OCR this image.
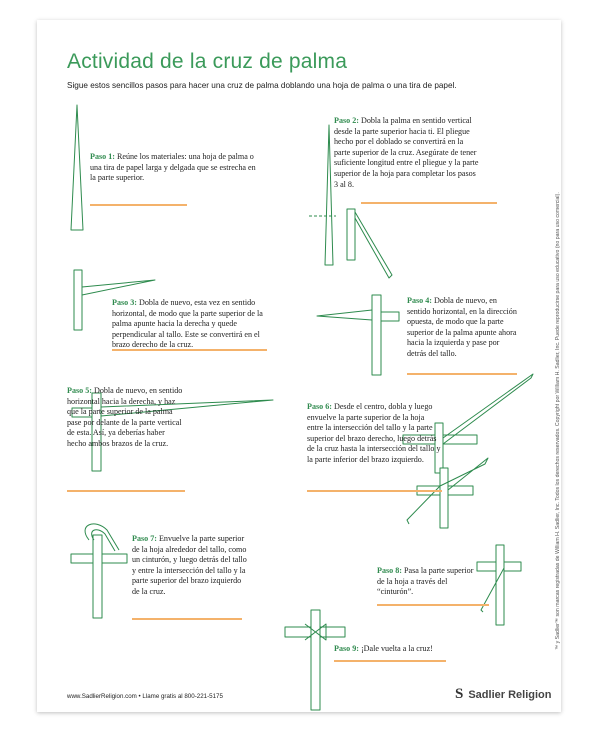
Actividad de la cruz de palma
Sigue estos sencillos pasos para hacer una cruz de palma doblando una hoja de palma o una tira de papel.
Paso 1: Reúne los materiales: una hoja de palma o una tira de papel larga y delgada que se estrecha en la parte superior.
Paso 2: Dobla la palma en sentido vertical desde la parte superior hacia ti. El pliegue hecho por el doblado se convertirá en la parte superior de la cruz. Asegúrate de tener suficiente longitud entre el pliegue y la parte superior de la hoja para completar los pasos 3 al 8.
Paso 3: Dobla de nuevo, esta vez en sentido horizontal, de modo que la parte superior de la palma apunte hacia la derecha y quede perpendicular al tallo. Este se convertirá en el brazo derecho de la cruz.
Paso 4: Dobla de nuevo, en sentido horizontal, en la dirección opuesta, de modo que la parte superior de la palma apunte ahora hacia la izquierda y pase por detrás del tallo.
Paso 5: Dobla de nuevo, en sentido horizontal hacia la derecha, y haz que la parte superior de la palma pase por delante de la parte vertical de esta. Así, ya deberías haber hecho ambos brazos de la cruz.
Paso 6: Desde el centro, dobla y luego envuelve la parte superior de la hoja entre la intersección del tallo y la parte superior del brazo derecho, luego detrás de la cruz hasta la intersección del tallo y la parte inferior del brazo izquierdo.
Paso 7: Envuelve la parte superior de la hoja alrededor del tallo, como un cinturón, y luego detrás del tallo y entre la intersección del tallo y la parte superior del brazo izquierdo de la cruz.
Paso 8: Pasa la parte superior de la hoja a través del “cinturón”.
Paso 9: ¡Dale vuelta a la cruz!
www.SadlierReligion.com • Llame gratis al 800-221-5175	S Sadlier Religion
™ y Sadlier™ son marcas registradas de William H. Sadlier, Inc. Todos los derechos reservados. Copyright por William H. Sadlier, Inc. Puede reproducirse para uso educativo (no para uso comercial).
